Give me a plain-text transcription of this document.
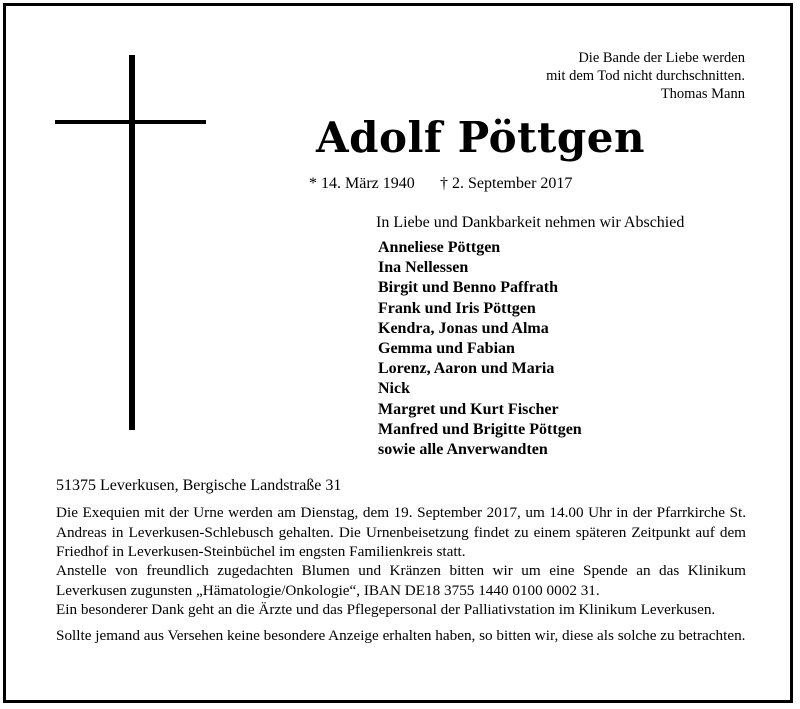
Die Bande der Liebe werden
mit dem Tod nicht durchschnitten.
Thomas Mann
Adolf Pöttgen
* 14. März 1940 † 2. September 2017
In Liebe und Dankbarkeit nehmen wir Abschied
Anneliese Pöttgen
Ina Nellessen
Birgit und Benno Paffrath
Frank und Iris Pöttgen
Kendra, Jonas und Alma
Gemma und Fabian
Lorenz, Aaron und Maria
Nick
Margret und Kurt Fischer
Manfred und Brigitte Pöttgen
sowie alle Anverwandten
51375 Leverkusen, Bergische Landstraße 31

Die Exequien mit der Urne werden am Dienstag, dem 19. September 2017, um 14.00 Uhr in der Pfarrkirche St. Andreas in Leverkusen-Schlebusch gehalten. Die Urnenbeisetzung findet zu einem späteren Zeitpunkt auf dem Friedhof in Leverkusen-Steinbüchel im engsten Familienkreis statt.

Anstelle von freundlich zugedachten Blumen und Kränzen bitten wir um eine Spende an das Klinikum Leverkusen zugunsten „Hämatologie/Onkologie“, IBAN DE18 3755 1440 0100 0002 31.

Ein besonderer Dank geht an die Ärzte und das Pflegepersonal der Palliativstation im Klinikum Leverkusen.

Sollte jemand aus Versehen keine besondere Anzeige erhalten haben, so bitten wir, diese als solche zu betrachten.
